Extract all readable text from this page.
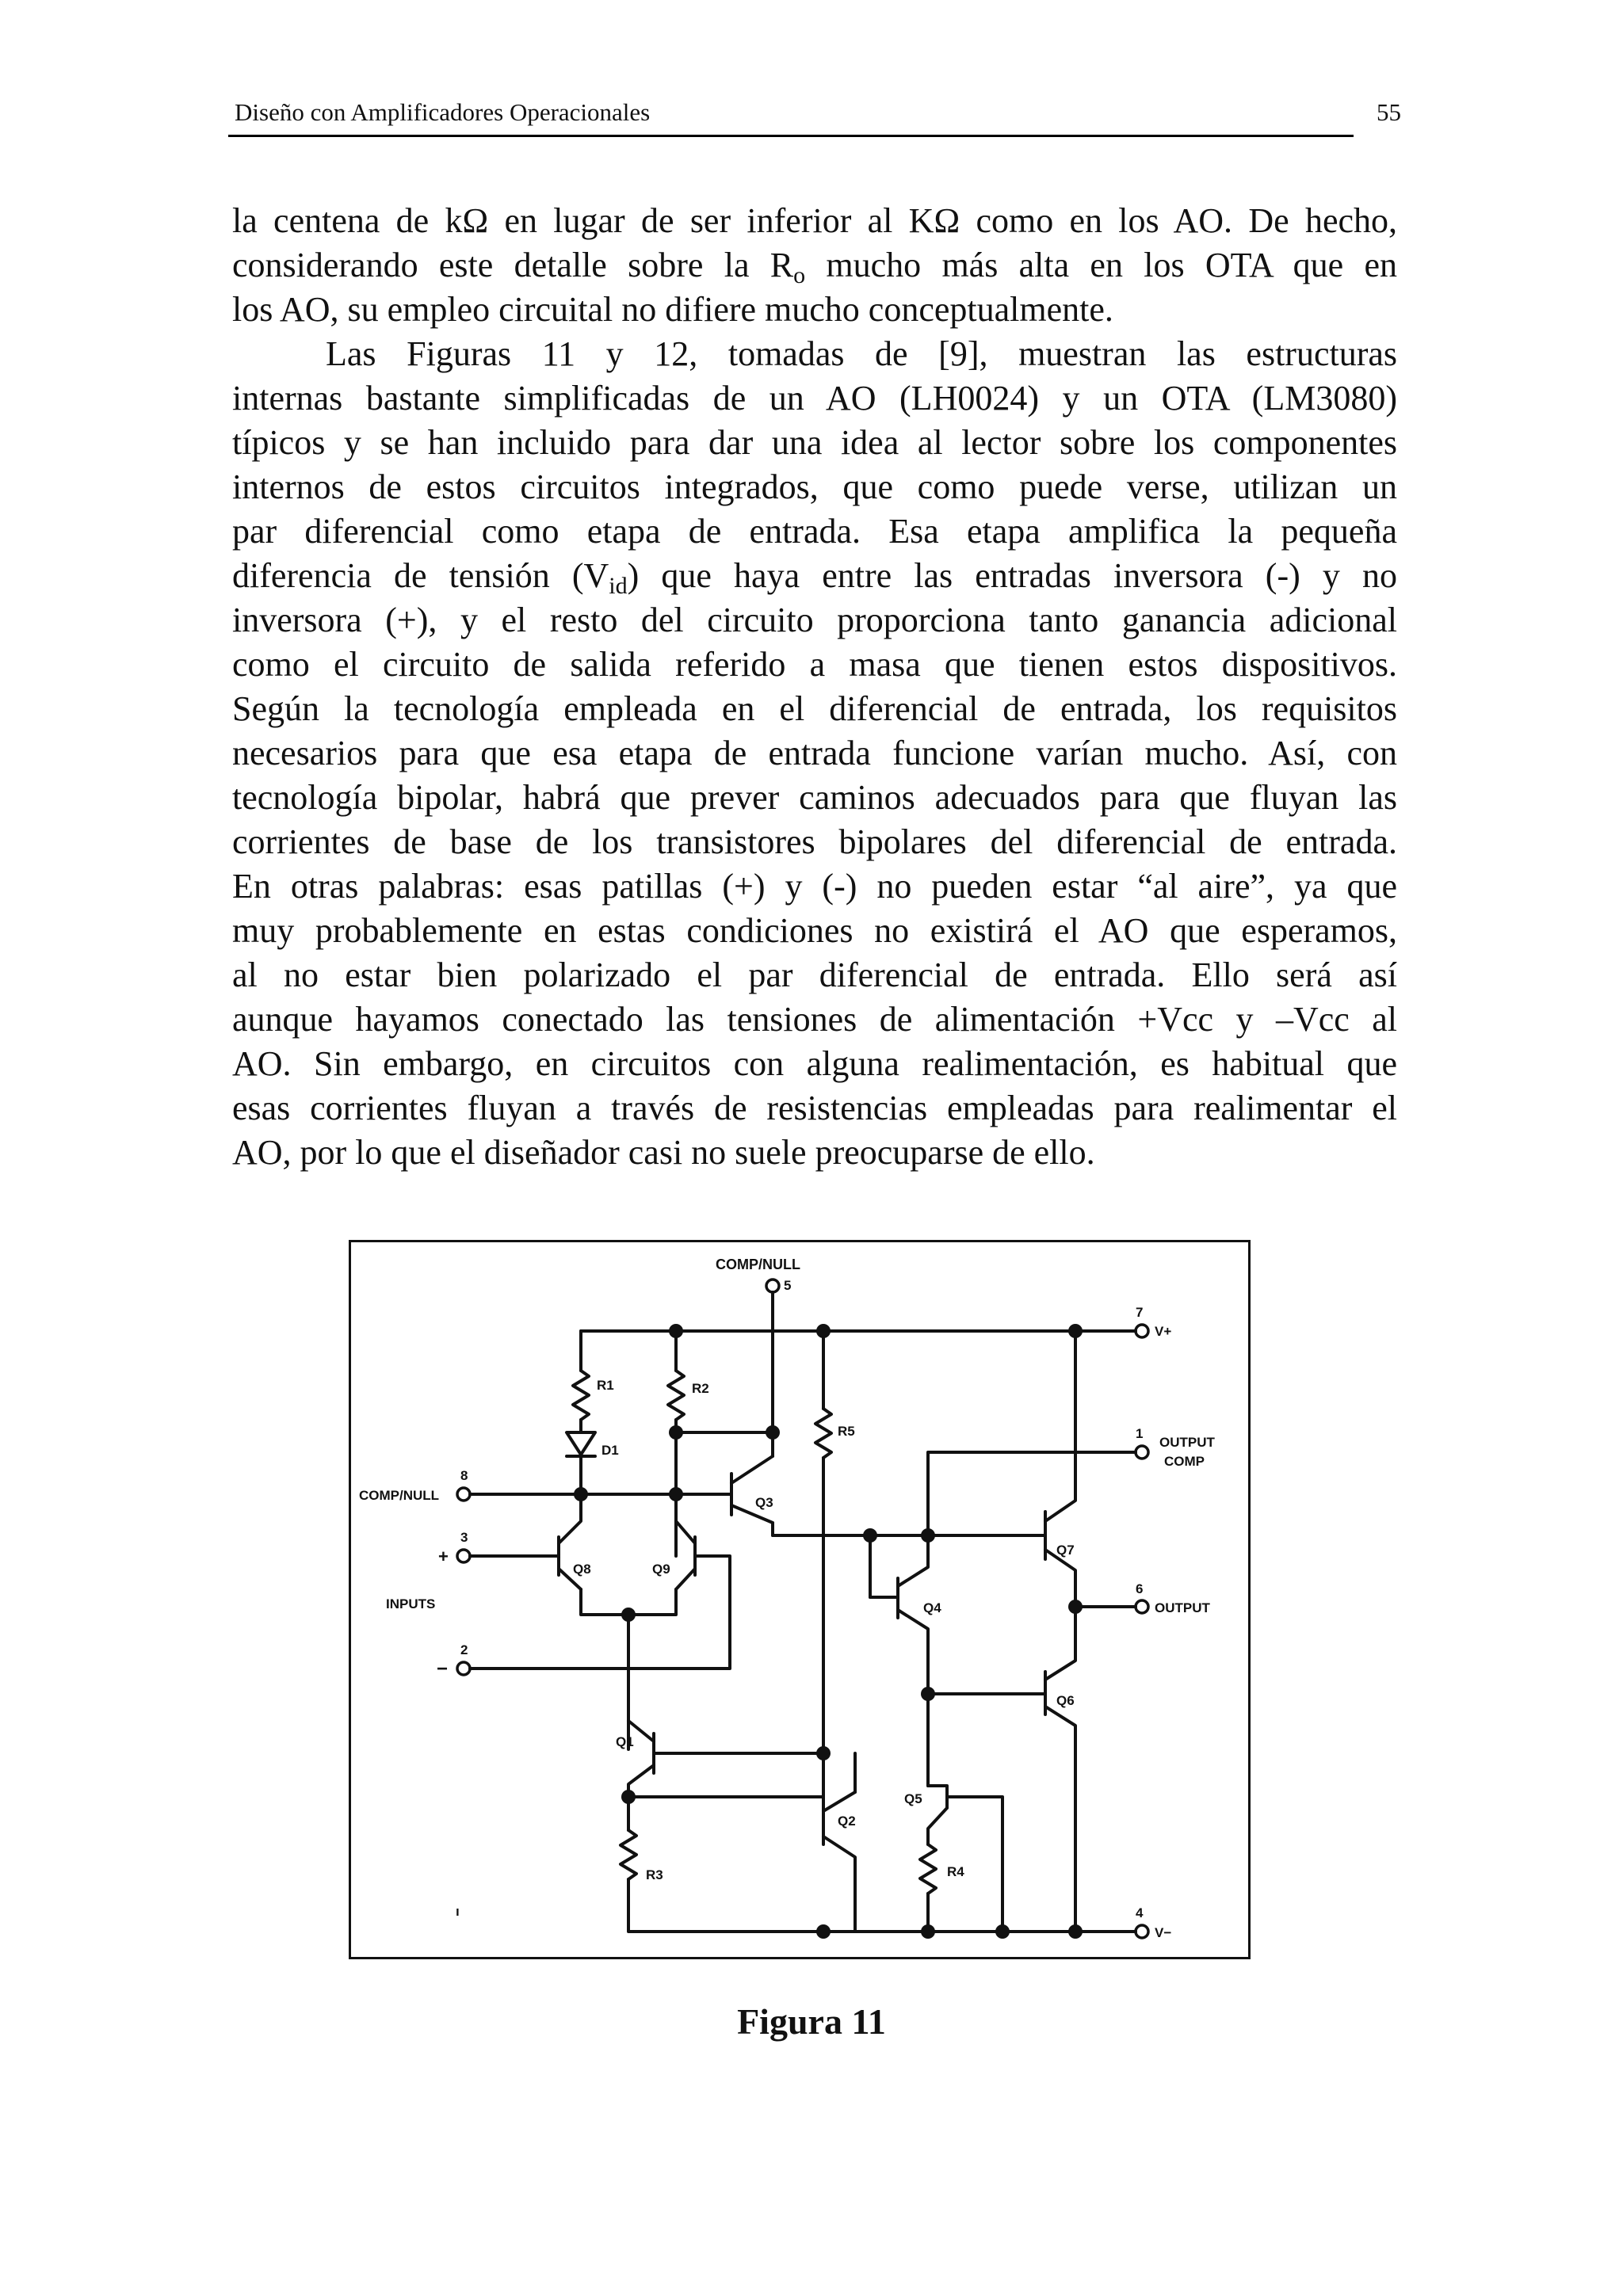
Diseño con Amplificadores Operacionales	55
la centena de kΩ en lugar de ser inferior al KΩ como en los AO. De hecho,
considerando este detalle sobre la $R_o$ mucho más alta en los OTA que en
los AO, su empleo circuital no difiere mucho conceptualmente.
Las Figuras 11 y 12, tomadas de [9], muestran las estructuras
internas bastante simplificadas de un AO (LH0024) y un OTA (LM3080)
típicos y se han incluido para dar una idea al lector sobre los componentes
internos de estos circuitos integrados, que como puede verse, utilizan un
par diferencial como etapa de entrada. Esa etapa amplifica la pequeña
diferencia de tensión $(V_{id})$ que haya entre las entradas inversora (-) y no
inversora (+), y el resto del circuito proporciona tanto ganancia adicional
como el circuito de salida referido a masa que tienen estos dispositivos.
Según la tecnología empleada en el diferencial de entrada, los requisitos
necesarios para que esa etapa de entrada funcione varían mucho. Así, con
tecnología bipolar, habrá que prever caminos adecuados para que fluyan las
corrientes de base de los transistores bipolares del diferencial de entrada.
En otras palabras: esas patillas (+) y (-) no pueden estar “al aire”, ya que
muy probablemente en estas condiciones no existirá el AO que esperamos,
al no estar bien polarizado el par diferencial de entrada. Ello será así
aunque hayamos conectado las tensiones de alimentación +Vcc y –Vcc al
AO. Sin embargo, en circuitos con alguna realimentación, es habitual que
esas corrientes fluyan a través de resistencias empleadas para realimentar el
AO, por lo que el diseñador casi no suele preocuparse de ello.
COMP/NULL
5
7
V+
1
OUTPUT
COMP
8
COMP/NULL
3
+
INPUTS
2
−
6
OUTPUT
4
V−
ı
R1	R2
D1
R5
Q3
Q8	Q9
Q7
Q4
Q6
Q1
Q5
Q2
R3	R4
Figura 11
